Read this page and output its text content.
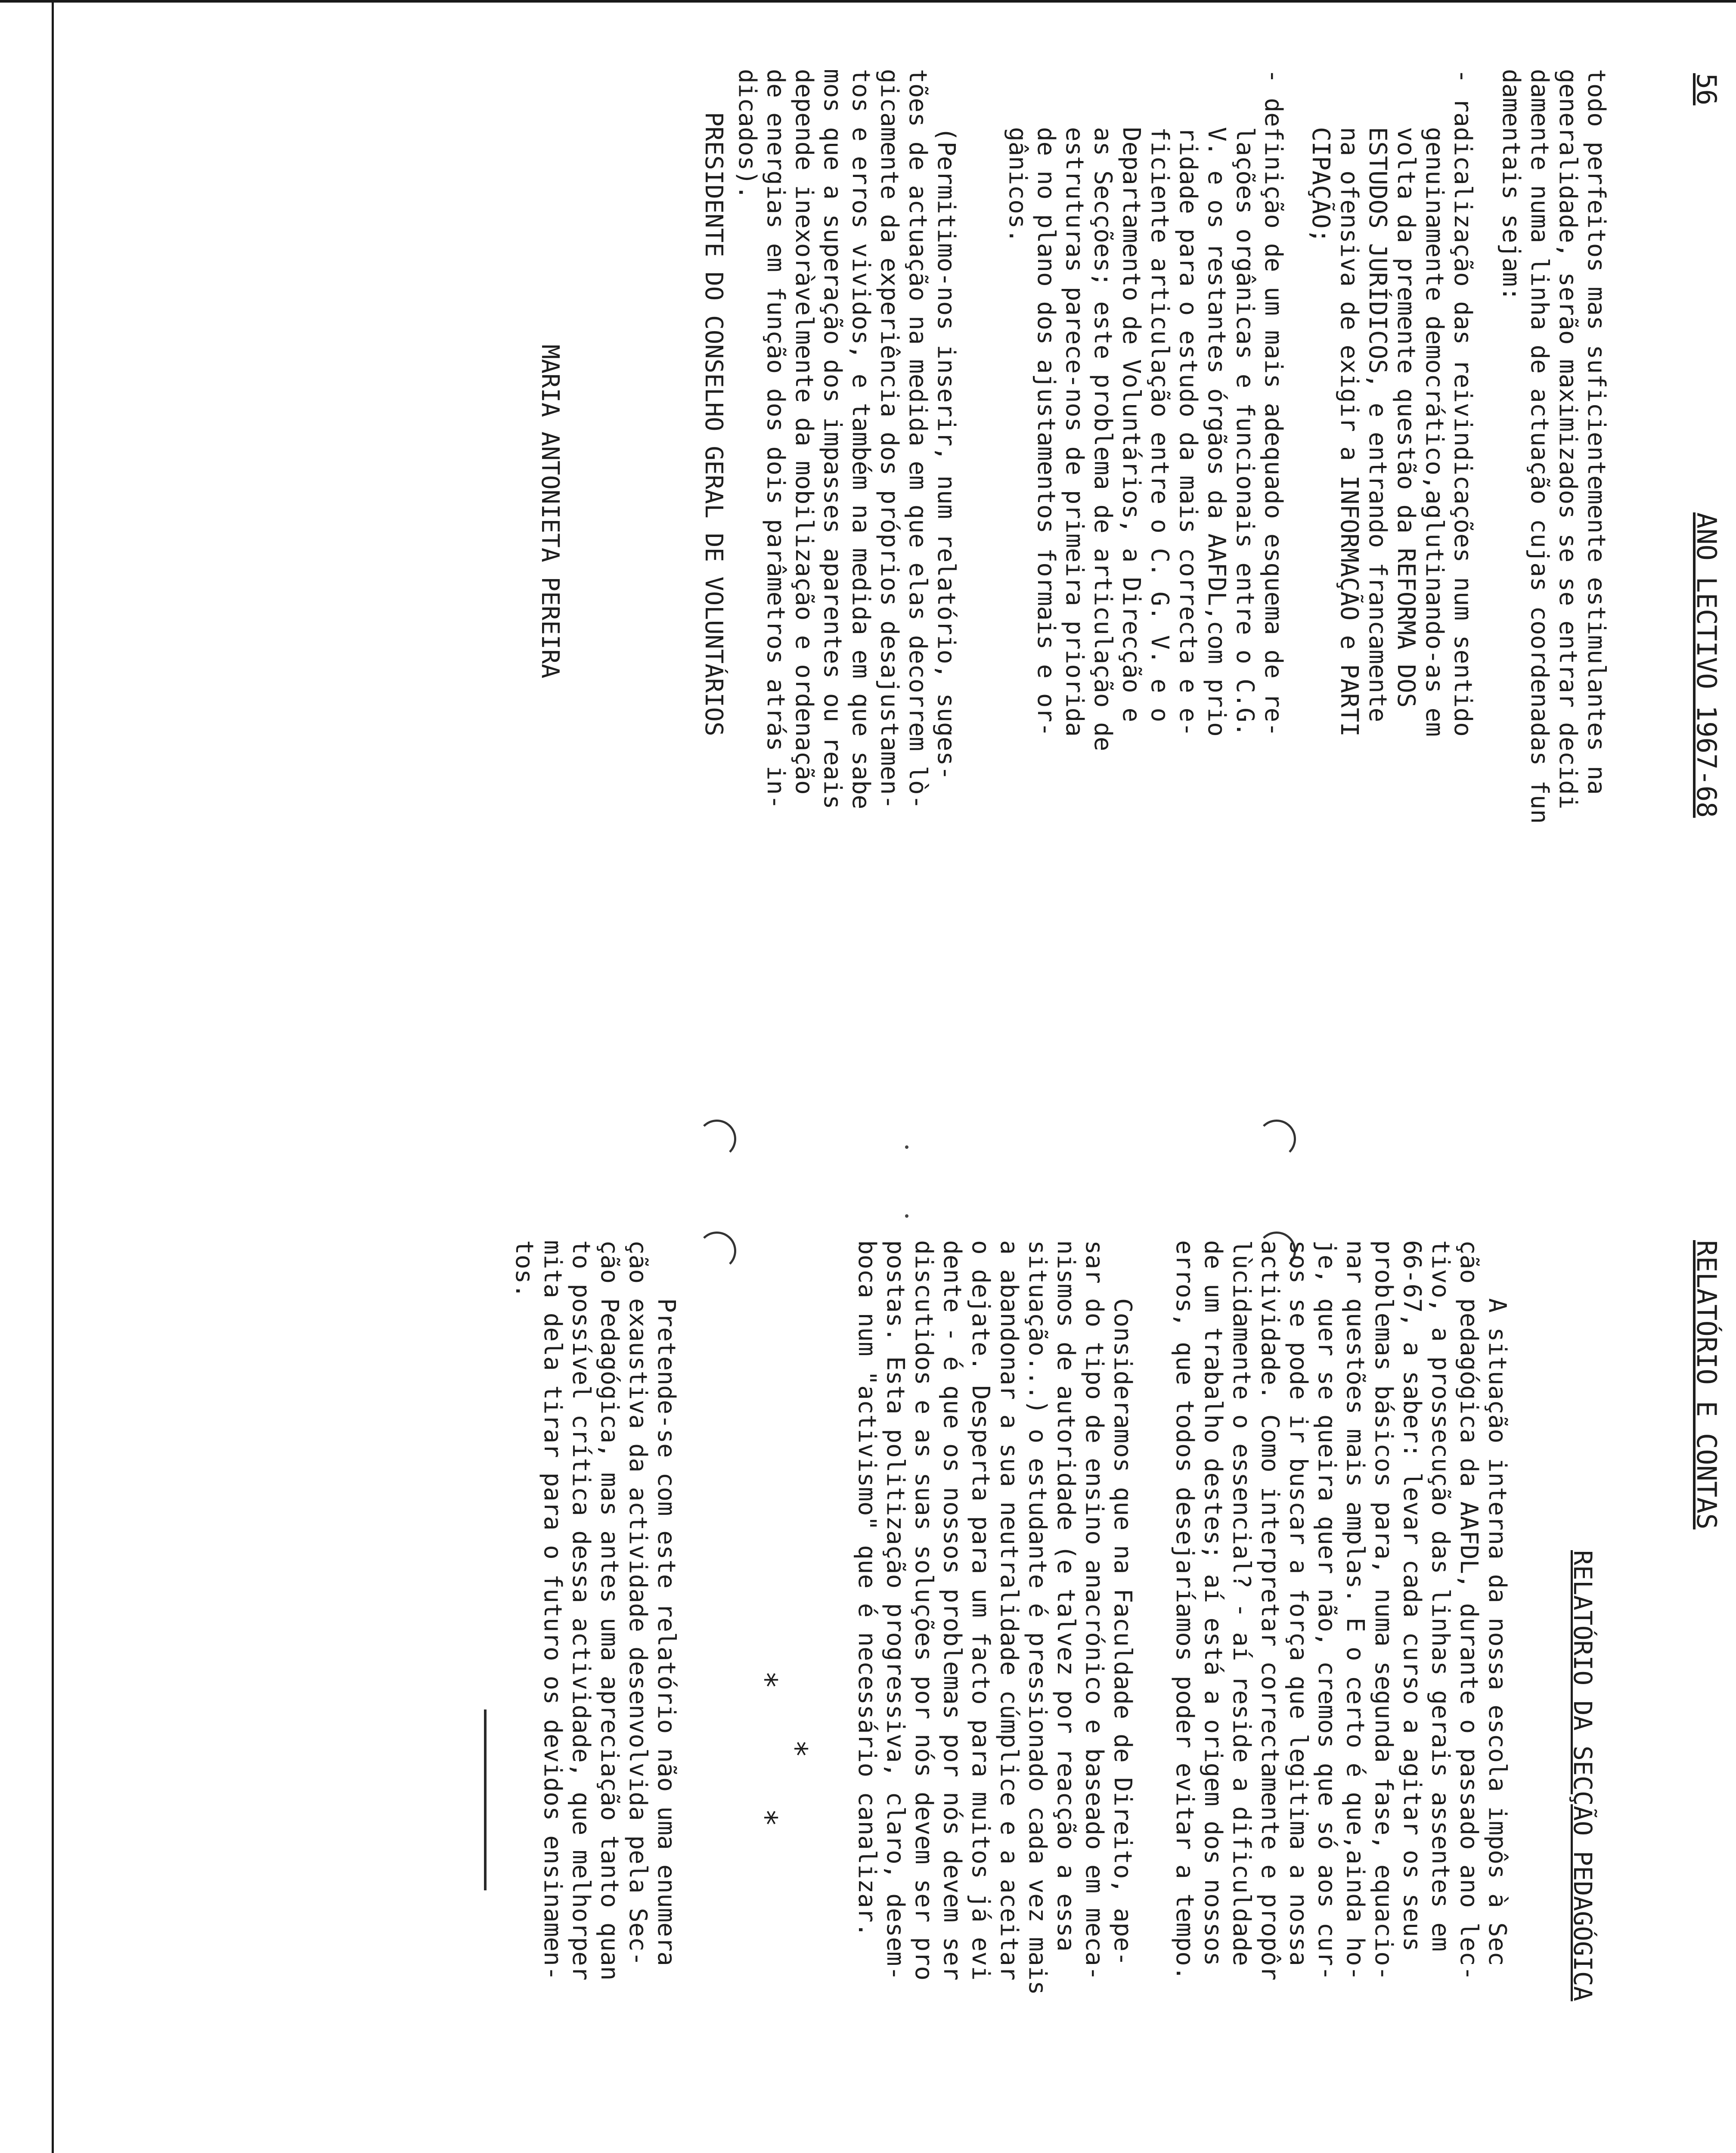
56
ANO LECTIVO 1967-68
todo perfeitos mas suficientemente estimulantes na
generalidade, serão maximizados se se entrar decidi
damente numa linha de actuação cujas coordenadas fun
damentais sejam:
- radicalização das reivindicações num sentido
genuinamente democrático,aglutinando-as em
volta da premente questão da REFORMA DOS
ESTUDOS JURÍDICOS, e entrando francamente
na ofensiva de exigir a INFORMAÇÃO e PARTI
CIPAÇÃO;
- definição de um mais adequado esquema de re-
lações orgânicas e funcionais entre o C.G.
V. e os restantes órgãos da AAFDL,com prio
ridade para o estudo da mais correcta e e-
ficiente articulação entre o C. G. V. e o
Departamento de Voluntários, a Direcção e
as Secções; este problema de articulação de
estruturas parece-nos de primeira priorida
de no plano dos ajustamentos formais e or-
gânicos.
(Permitimo-nos inserir, num relatório, suges-
tões de actuação na medida em que elas decorrem lò-
gicamente da experiência dos próprios desajustamen-
tos e erros vividos, e também na medida em que sabe
mos que a superação dos impasses aparentes ou reais
depende inexoràvelmente da mobilização e ordenação
de energias em função dos dois parâmetros atrás in-
dicados).
PRESIDENTE DO CONSELHO GERAL DE VOLUNTÁRIOS
MARIA ANTONIETA PEREIRA
RELATÓRIO E CONTAS
RELATÓRIO DA SECÇÃO PEDAGÓGICA
A situação interna da nossa escola impôs à Sec
ção pedagógica da AAFDL, durante o passado ano lec-
tivo, a prossecução das linhas gerais assentes em
66-67, a saber: levar cada curso a agitar os seus
problemas básicos para, numa segunda fase, equacio-
nar questões mais amplas. E o certo é que,ainda ho-
je, quer se queira quer não, cremos que só aos cur-
sos se pode ir buscar a força que legitima a nossa
actividade. Como interpretar correctamente e propôr
lùcidamente o essencial? - aí reside a dificuldade
de um trabalho destes; aí está a origem dos nossos
erros, que todos desejaríamos poder evitar a tempo.
Consideramos que na Faculdade de Direito, ape-
sar do tipo de ensino anacrónico e baseado em meca-
nismos de autoridade (e talvez por reacção a essa
situação...) o estudante é pressionado cada vez mais
a abandonar a sua neutralidade cúmplice e a aceitar
o dejate. Desperta para um facto para muitos já evi
dente - é que os nossos problemas por nós devem ser
discutidos e as suas soluções por nós devem ser pro
postas. Esta politização progressiva, claro, desem-
boca num "activismo" que é necessário canalizar.
*
*
*
Pretende-se com este relatório não uma enumera
ção exaustiva da actividade desenvolvida pela Sec-
ção Pedagógica, mas antes uma apreciação tanto quan
to possível crítica dessa actividade, que melhorper
mita dela tirar para o futuro os devidos ensinamen-
tos.
